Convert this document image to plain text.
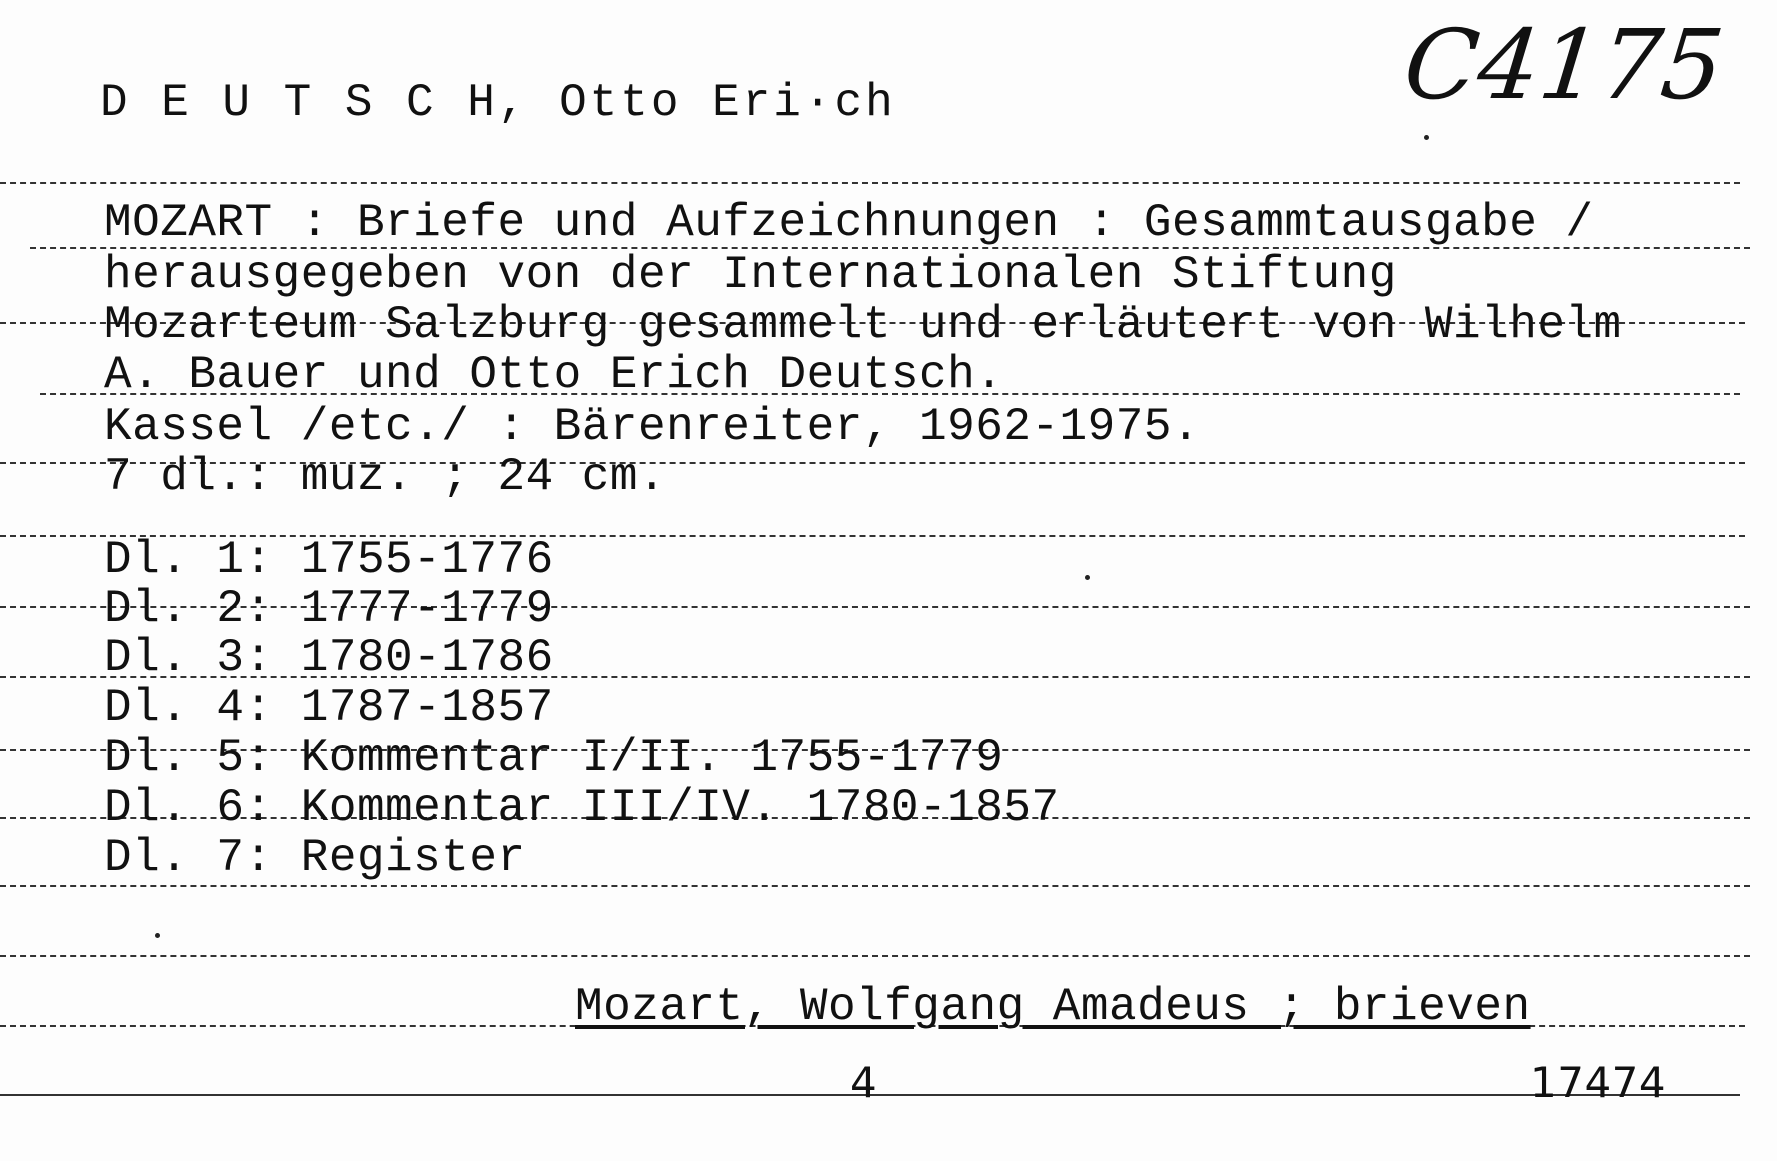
D E U T S C H, Otto Eri·ch	C4175
MOZART : Briefe und Aufzeichnungen : Gesammtausgabe /
herausgegeben von der Internationalen Stiftung
Mozarteum Salzburg gesammelt und erläutert von Wilhelm
A. Bauer und Otto Erich Deutsch.
Kassel /etc./ : Bärenreiter, 1962-1975.
7 dl.: muz. ; 24 cm.
Dl. 1: 1755-1776
Dl. 2: 1777-1779
Dl. 3: 1780-1786
Dl. 4: 1787-1857
Dl. 5: Kommentar I/II. 1755-1779
Dl. 6: Kommentar III/IV. 1780-1857
Dl. 7: Register
Mozart, Wolfgang Amadeus ; brieven
4	17474
